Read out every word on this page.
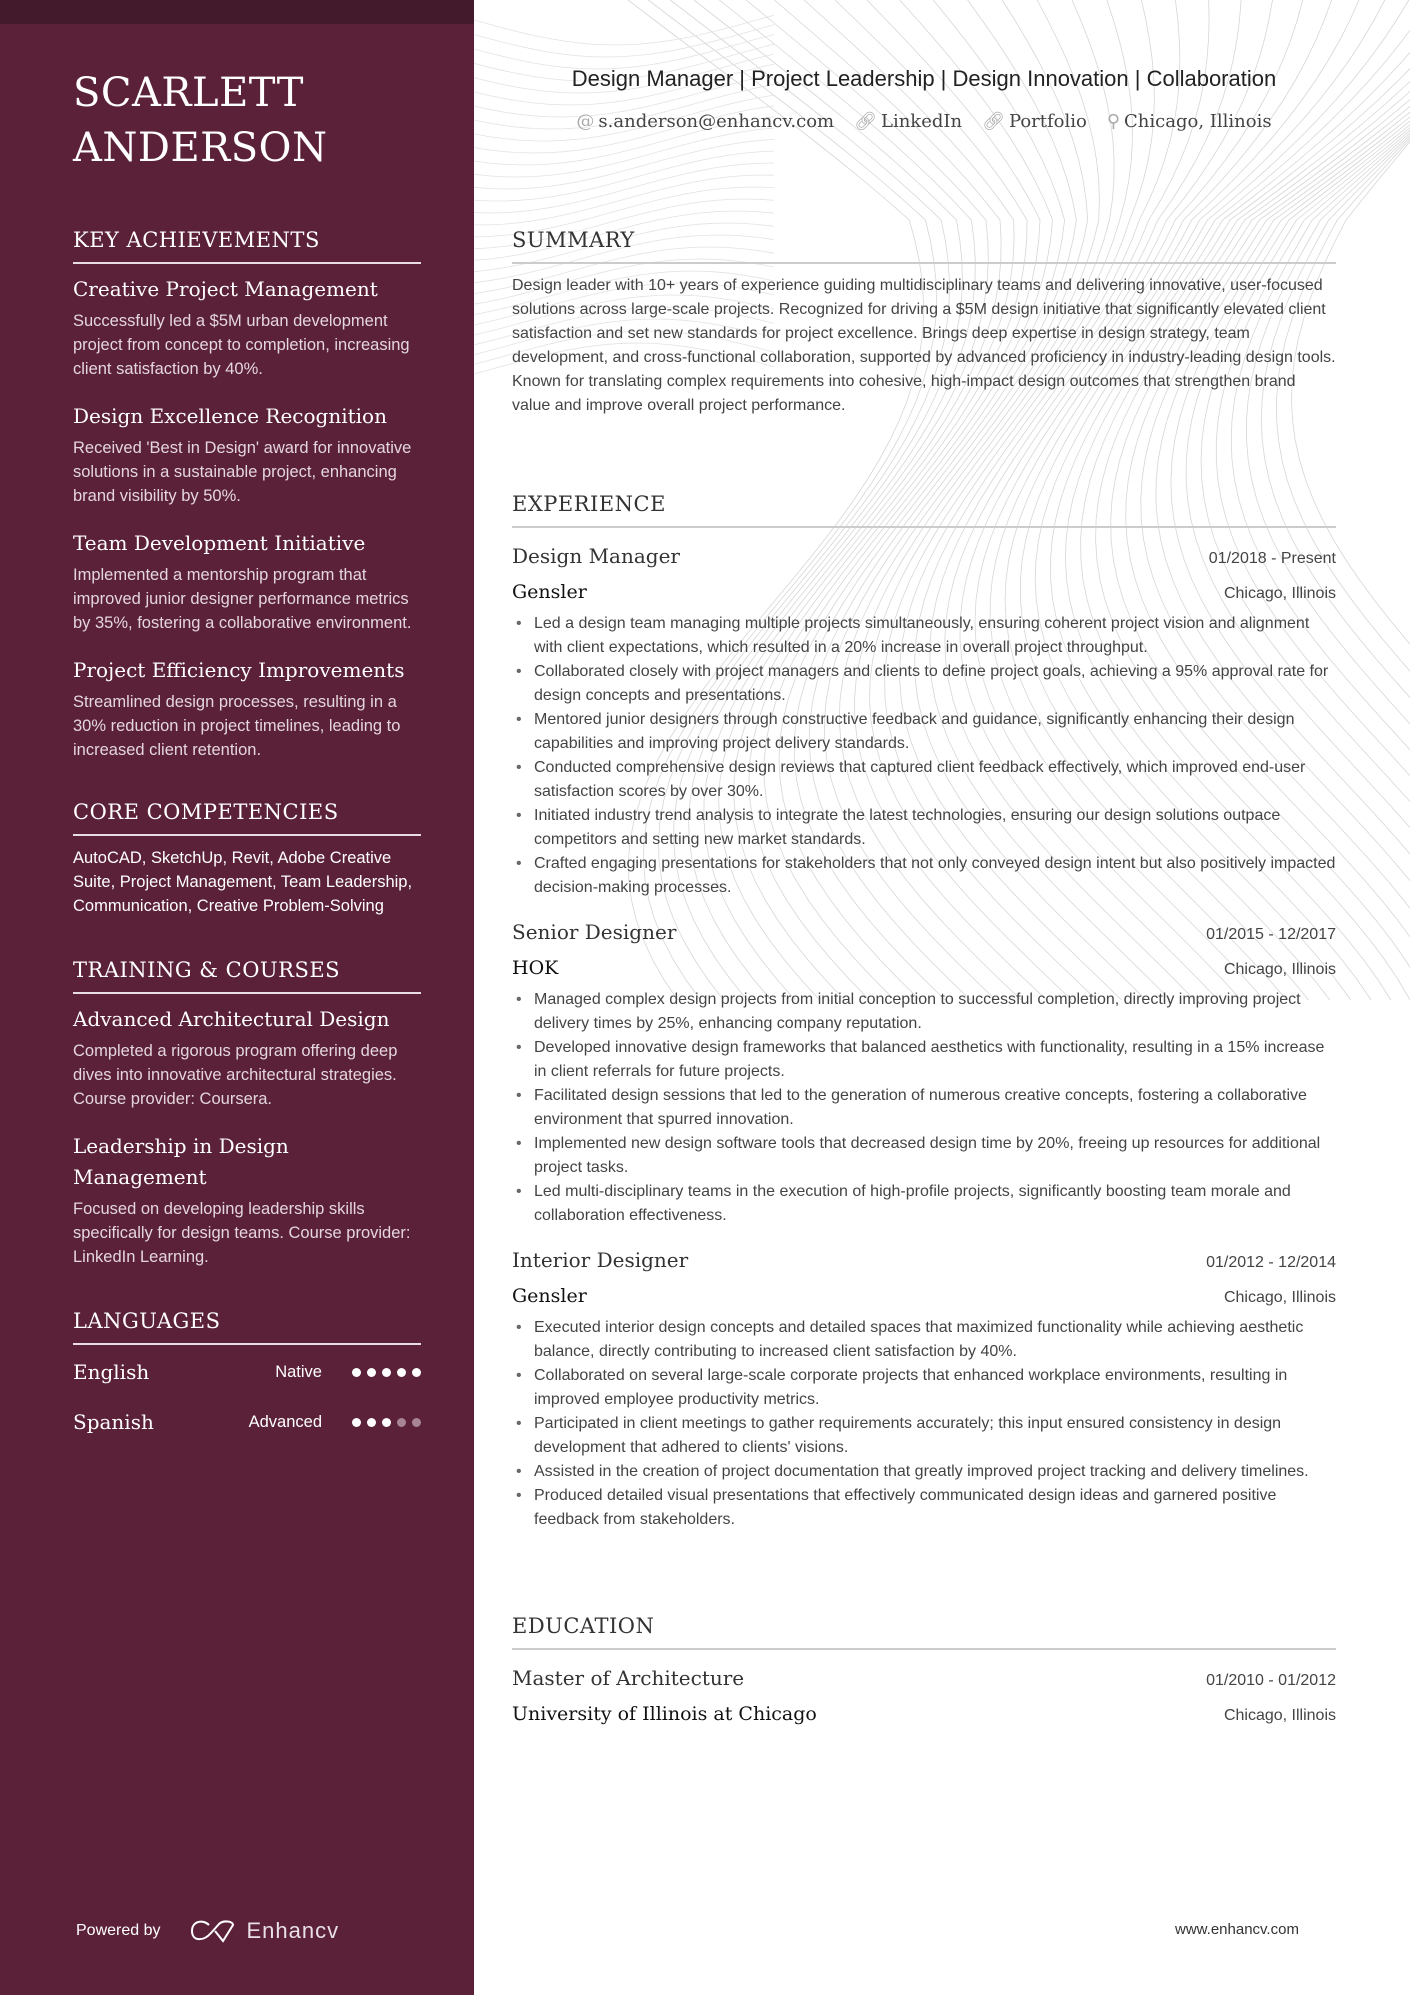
SCARLETT
ANDERSON
KEY ACHIEVEMENTS
Creative Project Management
Successfully led a $5M urban development project from concept to completion, increasing client satisfaction by 40%.
Design Excellence Recognition
Received 'Best in Design' award for innovative solutions in a sustainable project, enhancing brand visibility by 50%.
Team Development Initiative
Implemented a mentorship program that improved junior designer performance metrics by 35%, fostering a collaborative environment.
Project Efficiency Improvements
Streamlined design processes, resulting in a 30% reduction in project timelines, leading to increased client retention.
CORE COMPETENCIES
AutoCAD, SketchUp, Revit, Adobe Creative Suite, Project Management, Team Leadership, Communication, Creative Problem-Solving
TRAINING & COURSES
Advanced Architectural Design
Completed a rigorous program offering deep dives into innovative architectural strategies. Course provider: Coursera.
Leadership in Design Management
Focused on developing leadership skills specifically for design teams. Course provider: LinkedIn Learning.
LANGUAGES
English	Native
Spanish	Advanced
Powered by	Enhancv
Design Manager | Project Leadership | Design Innovation | Collaboration
@ s.anderson@enhancv.com 🔗︎ LinkedIn 🔗︎ Portfolio ⚲ Chicago, Illinois
SUMMARY
Design leader with 10+ years of experience guiding multidisciplinary teams and delivering innovative, user-focused solutions across large-scale projects. Recognized for driving a $5M design initiative that significantly elevated client satisfaction and set new standards for project excellence. Brings deep expertise in design strategy, team development, and cross-functional collaboration, supported by advanced proficiency in industry-leading design tools. Known for translating complex requirements into cohesive, high-impact design outcomes that strengthen brand value and improve overall project performance.
EXPERIENCE
Design Manager	01/2018 - Present
Gensler	Chicago, Illinois
• Led a design team managing multiple projects simultaneously, ensuring coherent project vision and alignment with client expectations, which resulted in a 20% increase in overall project throughput.
• Collaborated closely with project managers and clients to define project goals, achieving a 95% approval rate for design concepts and presentations.
• Mentored junior designers through constructive feedback and guidance, significantly enhancing their design capabilities and improving project delivery standards.
• Conducted comprehensive design reviews that captured client feedback effectively, which improved end-user satisfaction scores by over 30%.
• Initiated industry trend analysis to integrate the latest technologies, ensuring our design solutions outpace competitors and setting new market standards.
• Crafted engaging presentations for stakeholders that not only conveyed design intent but also positively impacted decision-making processes.
Senior Designer	01/2015 - 12/2017
HOK	Chicago, Illinois
• Managed complex design projects from initial conception to successful completion, directly improving project delivery times by 25%, enhancing company reputation.
• Developed innovative design frameworks that balanced aesthetics with functionality, resulting in a 15% increase in client referrals for future projects.
• Facilitated design sessions that led to the generation of numerous creative concepts, fostering a collaborative environment that spurred innovation.
• Implemented new design software tools that decreased design time by 20%, freeing up resources for additional project tasks.
• Led multi-disciplinary teams in the execution of high-profile projects, significantly boosting team morale and collaboration effectiveness.
Interior Designer	01/2012 - 12/2014
Gensler	Chicago, Illinois
• Executed interior design concepts and detailed spaces that maximized functionality while achieving aesthetic balance, directly contributing to increased client satisfaction by 40%.
• Collaborated on several large-scale corporate projects that enhanced workplace environments, resulting in improved employee productivity metrics.
• Participated in client meetings to gather requirements accurately; this input ensured consistency in design development that adhered to clients' visions.
• Assisted in the creation of project documentation that greatly improved project tracking and delivery timelines.
• Produced detailed visual presentations that effectively communicated design ideas and garnered positive feedback from stakeholders.
EDUCATION
Master of Architecture	01/2010 - 01/2012
University of Illinois at Chicago	Chicago, Illinois
www.enhancv.com
